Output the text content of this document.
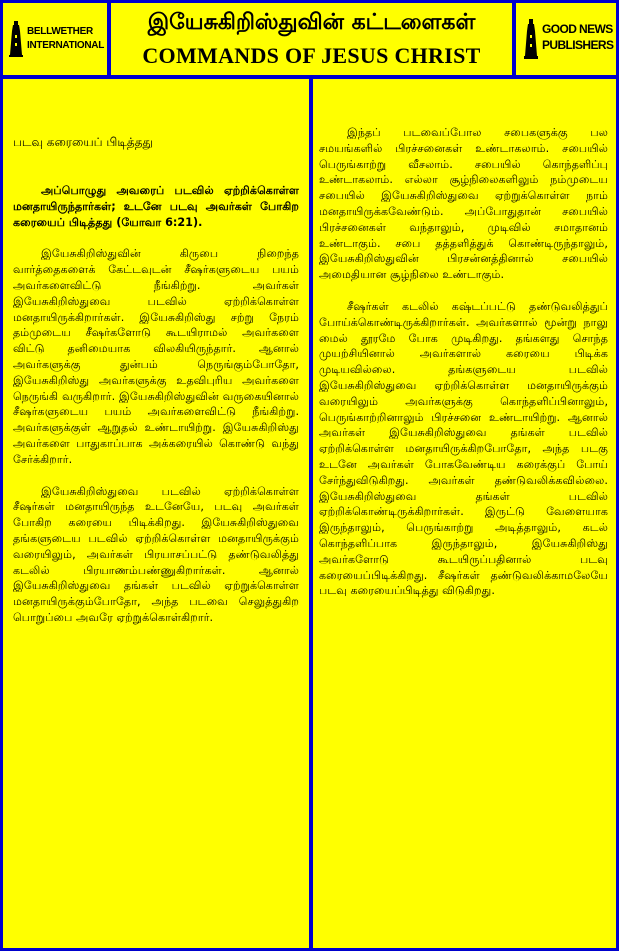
BELLWETHER
INTERNATIONAL
இயேசுகிறிஸ்துவின் கட்டளைகள்
COMMANDS OF JESUS CHRIST
GOOD NEWS
PUBLISHERS
படவு கரையைப் பிடித்தது

அப்பொழுது அவரைப் படவில் ஏற்றிக்கொள்ள மனதாயிருந்தார்கள்; உடனே படவு அவர்கள் போகிற கரையைப் பிடித்தது (யோவா 6:21).

இயேசுகிறிஸ்துவின் கிருபை நிறைந்த வார்த்தைகளைக் கேட்டவுடன் சீஷர்களுடைய பயம் அவர்களைவிட்டு நீங்கிற்று. அவர்கள் இயேசுகிறிஸ்துவை படவில் ஏற்றிக்கொள்ள மனதாயிருக்கிறார்கள். இயேசுகிறிஸ்து சற்று நேரம் தம்முடைய சீஷர்களோடு கூடயிராமல் அவர்களை விட்டு தனிமையாக விலகியிருந்தார். ஆனால் அவர்களுக்கு துன்பம் நெருங்கும்போதோ, இயேசுகிறிஸ்து அவர்களுக்கு உதவிபுரிய அவர்களை நெருங்கி வருகிறார். இயேசுகிறிஸ்துவின் வருகையினால் சீஷர்களுடைய பயம் அவர்களைவிட்டு நீங்கிற்று. அவர்களுக்குள் ஆறுதல் உண்டாயிற்று. இயேசுகிறிஸ்து அவர்களை பாதுகாப்பாக அக்கரையில் கொண்டு வந்து சேர்க்கிறார்.

இயேசுகிறிஸ்துவை படவில் ஏற்றிக்கொள்ள சீஷர்கள் மனதாயிருந்த உடனேயே, படவு அவர்கள் போகிற கரையை பிடிக்கிறது. இயேசுகிறிஸ்துவை தங்களுடைய படவில் ஏற்றிக்கொள்ள மனதாயிருக்கும் வரையிலும், அவர்கள் பிரயாசப்பட்டு தண்டுவலித்து கடலில் பிரயாணம்பண்ணுகிறார்கள். ஆனால் இயேசுகிறிஸ்துவை தங்கள் படவில் ஏற்றுக்கொள்ள மனதாயிருக்கும்போதோ, அந்த படவை செலுத்துகிற பொறுப்பை அவரே ஏற்றுக்கொள்கிறார்.

இந்தப் படவைப்போல சபைகளுக்கு பல சமயங்களில் பிரச்சனைகள் உண்டாகலாம். சபையில் பெருங்காற்று வீசலாம். சபையில் கொந்தளிப்பு உண்டாகலாம். எல்லா சூழ்நிலைகளிலும் நம்முடைய சபையில் இயேசுகிறிஸ்துவை ஏற்றுக்கொள்ள நாம் மனதாயிருக்கவேண்டும். அப்போதுதான் சபையில் பிரச்சனைகள் வந்தாலும், முடிவில் சமாதானம் உண்டாகும். சபை தத்தளித்துக் கொண்டிருந்தாலும், இயேசுகிறிஸ்துவின் பிரசன்னத்தினால் சபையில் அமைதியான சூழ்நிலை உண்டாகும்.

சீஷர்கள் கடலில் கஷ்டப்பட்டு தண்டுவலித்துப் போய்க்கொண்டிருக்கிறார்கள். அவர்களால் மூன்று நாலு மைல் தூரமே போக முடிகிறது. தங்களது சொந்த முயற்சியினால் அவர்களால் கரையை பிடிக்க முடியவில்லை. தங்களுடைய படவில் இயேசுகிறிஸ்துவை ஏற்றிக்கொள்ள மனதாயிருக்கும் வரையிலும் அவர்களுக்கு கொந்தளிப்பினாலும், பெருங்காற்றினாலும் பிரச்சனை உண்டாயிற்று. ஆனால் அவர்கள் இயேசுகிறிஸ்துவை தங்கள் படவில் ஏற்றிக்கொள்ள மனதாயிருக்கிறபோதோ, அந்த படகு உடனே அவர்கள் போகவேண்டிய கரைக்குப் போய் சேர்ந்துவிடுகிறது. அவர்கள் தண்டுவலிக்கவில்லை. இயேசுகிறிஸ்துவை தங்கள் படவில் ஏற்றிக்கொண்டிருக்கிறார்கள். இருட்டு வேளையாக இருந்தாலும், பெருங்காற்று அடித்தாலும், கடல் கொந்தளிப்பாக இருந்தாலும், இயேசுகிறிஸ்து அவர்களோடு கூடயிருப்பதினால் படவு கரையைப்பிடிக்கிறது. சீஷர்கள் தண்டுவலிக்காமலேயே படவு கரையைப்பிடித்து விடுகிறது.
